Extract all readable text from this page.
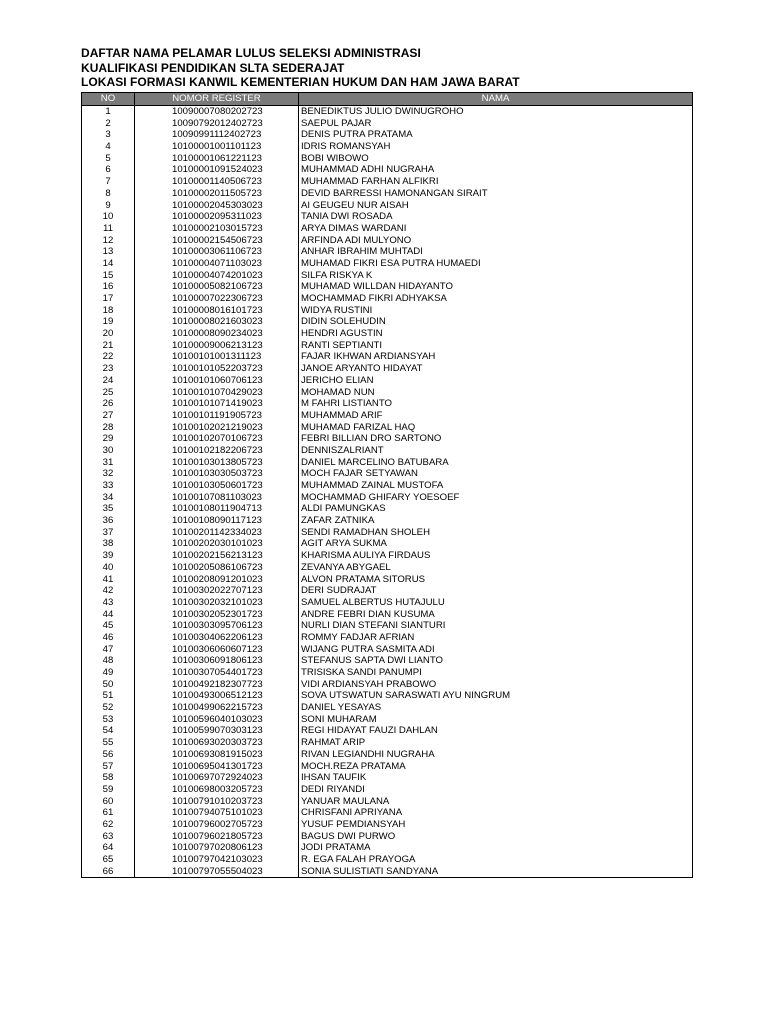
DAFTAR NAMA PELAMAR LULUS SELEKSI ADMINISTRASI
KUALIFIKASI PENDIDIKAN SLTA SEDERAJAT
LOKASI FORMASI KANWIL KEMENTERIAN HUKUM DAN HAM JAWA BARAT
NO	NOMOR REGISTER	NAMA
1	10090007080202723	BENEDIKTUS JULIO DWINUGROHO
2	10090792012402723	SAEPUL PAJAR
3	10090991112402723	DENIS PUTRA PRATAMA
4	10100001001101123	IDRIS ROMANSYAH
5	10100001061221123	BOBI WIBOWO
6	10100001091524023	MUHAMMAD ADHI NUGRAHA
7	10100001140506723	MUHAMMAD FARHAN ALFIKRI
8	10100002011505723	DEVID BARRESSI HAMONANGAN SIRAIT
9	10100002045303023	AI GEUGEU NUR AISAH
10	10100002095311023	TANIA DWI ROSADA
11	10100002103015723	ARYA DIMAS WARDANI
12	10100002154506723	ARFINDA ADI MULYONO
13	10100003061106723	ANHAR IBRAHIM MUHTADI
14	10100004071103023	MUHAMAD FIKRI ESA PUTRA HUMAEDI
15	10100004074201023	SILFA RISKYA K
16	10100005082106723	MUHAMAD WILLDAN HIDAYANTO
17	10100007022306723	MOCHAMMAD FIKRI ADHYAKSA
18	10100008016101723	WIDYA RUSTINI
19	10100008021603023	DIDIN SOLEHUDIN
20	10100008090234023	HENDRI AGUSTIN
21	10100009006213123	RANTI SEPTIANTI
22	10100101001311123	FAJAR IKHWAN ARDIANSYAH
23	10100101052203723	JANOE ARYANTO HIDAYAT
24	10100101060706123	JERICHO ELIAN
25	10100101070429023	MOHAMAD NUN
26	10100101071419023	M FAHRI LISTIANTO
27	10100101191905723	MUHAMMAD ARIF
28	10100102021219023	MUHAMAD FARIZAL HAQ
29	10100102070106723	FEBRI BILLIAN DRO SARTONO
30	10100102182206723	DENNISZALRIANT
31	10100103013805723	DANIEL MARCELINO BATUBARA
32	10100103030503723	MOCH FAJAR SETYAWAN
33	10100103050601723	MUHAMMAD ZAINAL MUSTOFA
34	10100107081103023	MOCHAMMAD GHIFARY YOESOEF
35	10100108011904713	ALDI PAMUNGKAS
36	10100108090117123	ZAFAR ZATNIKA
37	10100201142334023	SENDI RAMADHAN SHOLEH
38	10100202030101023	AGIT ARYA SUKMA
39	10100202156213123	KHARISMA AULIYA FIRDAUS
40	10100205086106723	ZEVANYA ABYGAEL
41	10100208091201023	ALVON PRATAMA SITORUS
42	10100302022707123	DERI SUDRAJAT
43	10100302032101023	SAMUEL ALBERTUS HUTAJULU
44	10100302052301723	ANDRE FEBRI DIAN KUSUMA
45	10100303095706123	NURLI DIAN STEFANI SIANTURI
46	10100304062206123	ROMMY FADJAR AFRIAN
47	10100306060607123	WIJANG PUTRA SASMITA ADI
48	10100306091806123	STEFANUS SAPTA DWI LIANTO
49	10100307054401723	TRISISKA SANDI PANUMPI
50	10100492182307723	VIDI ARDIANSYAH PRABOWO
51	10100493006512123	SOVA UTSWATUN SARASWATI AYU NINGRUM
52	10100499062215723	DANIEL YESAYAS
53	10100596040103023	SONI MUHARAM
54	10100599070303123	REGI HIDAYAT FAUZI DAHLAN
55	10100693020303723	RAHMAT ARIP
56	10100693081915023	RIVAN LEGIANDHI NUGRAHA
57	10100695041301723	MOCH.REZA PRATAMA
58	10100697072924023	IHSAN TAUFIK
59	10100698003205723	DEDI RIYANDI
60	10100791010203723	YANUAR MAULANA
61	10100794075101023	CHRISFANI APRIYANA
62	10100796002705723	YUSUF PEMDIANSYAH
63	10100796021805723	BAGUS DWI PURWO
64	10100797020806123	JODI PRATAMA
65	10100797042103023	R. EGA FALAH PRAYOGA
66	10100797055504023	SONIA SULISTIATI SANDYANA
